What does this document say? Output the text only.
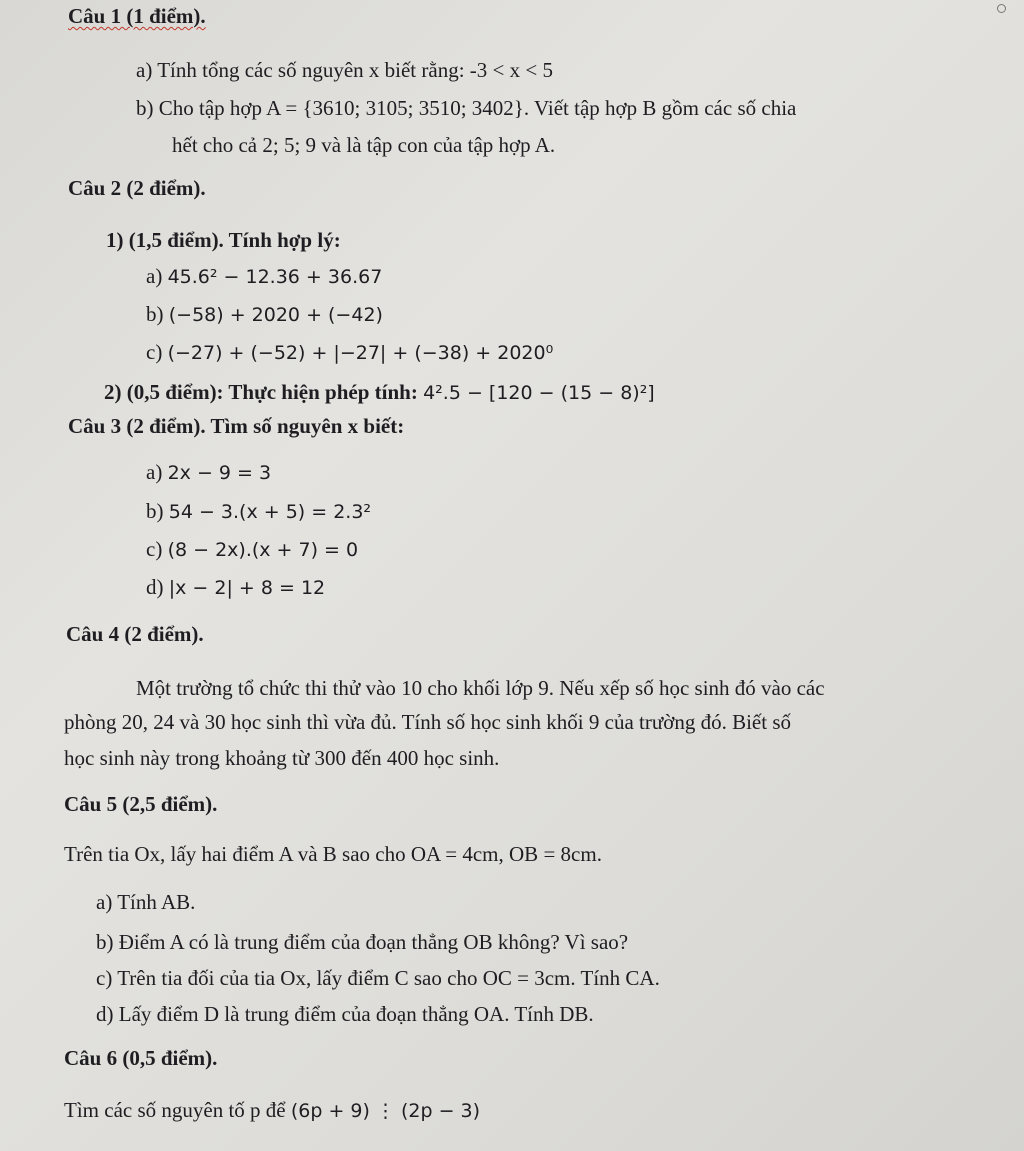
Câu 1 (1 điểm).
a) Tính tổng các số nguyên x biết rằng: -3 < x < 5
b) Cho tập hợp A = {3610; 3105; 3510; 3402}. Viết tập hợp B gồm các số chia
hết cho cả 2; 5; 9 và là tập con của tập hợp A.
Câu 2 (2 điểm).
1) (1,5 điểm). Tính hợp lý:
a) 45.6² − 12.36 + 36.67
b) (−58) + 2020 + (−42)
c) (−27) + (−52) + |−27| + (−38) + 2020⁰
2) (0,5 điểm): Thực hiện phép tính: 4².5 − [120 − (15 − 8)²]
Câu 3 (2 điểm). Tìm số nguyên x biết:
a) 2x − 9 = 3
b) 54 − 3.(x + 5) = 2.3²
c) (8 − 2x).(x + 7) = 0
d) |x − 2| + 8 = 12
Câu 4 (2 điểm).
Một trường tổ chức thi thử vào 10 cho khối lớp 9. Nếu xếp số học sinh đó vào các
phòng 20, 24 và 30 học sinh thì vừa đủ. Tính số học sinh khối 9 của trường đó. Biết số
học sinh này trong khoảng từ 300 đến 400 học sinh.
Câu 5 (2,5 điểm).
Trên tia Ox, lấy hai điểm A và B sao cho OA = 4cm, OB = 8cm.
a) Tính AB.
b) Điểm A có là trung điểm của đoạn thẳng OB không? Vì sao?
c) Trên tia đối của tia Ox, lấy điểm C sao cho OC = 3cm. Tính CA.
d) Lấy điểm D là trung điểm của đoạn thẳng OA. Tính DB.
Câu 6 (0,5 điểm).
Tìm các số nguyên tố p để (6p + 9) ⋮ (2p − 3)
